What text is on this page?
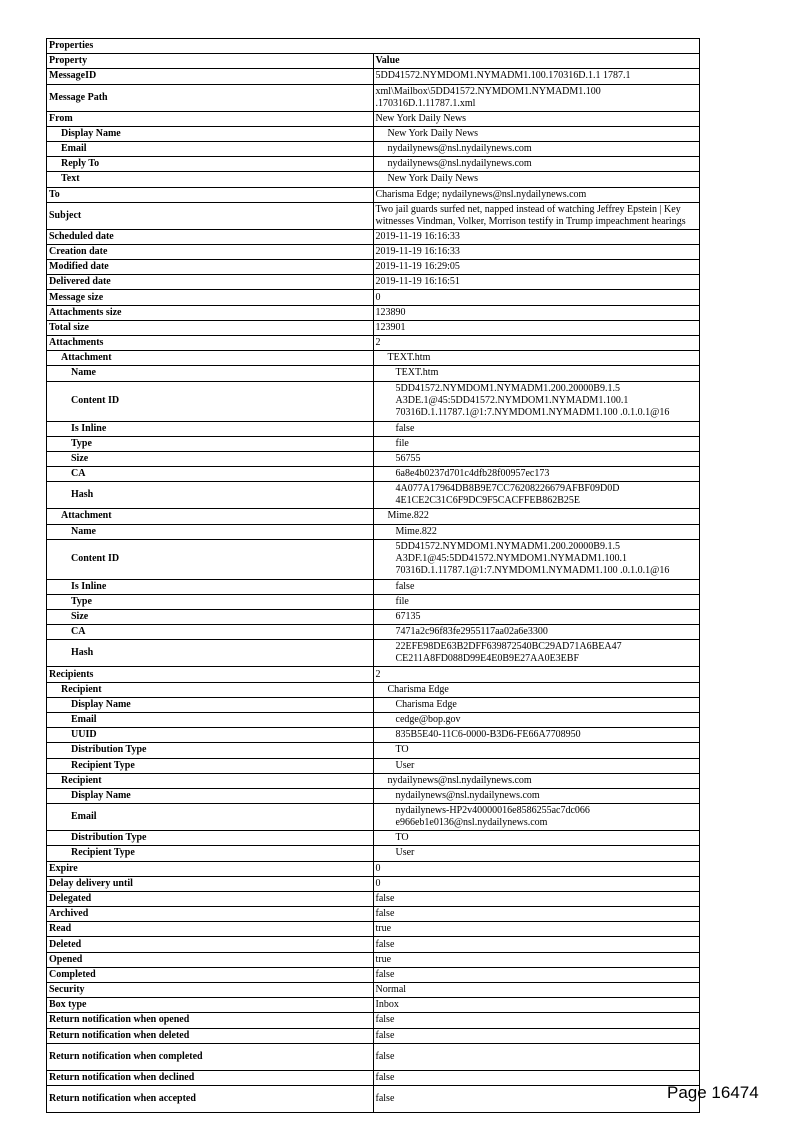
Properties	
Property	Value
MessageID	5DD41572.NYMDOM1.NYMADM1.100.170316D.1.1 1787.1
Message Path	xml\Mailbox\5DD41572.NYMDOM1.NYMADM1.100 .170316D.1.11787.1.xml
From	New York Daily News
Display Name	New York Daily News
Email	nydailynews@nsl.nydailynews.com
Reply To	nydailynews@nsl.nydailynews.com
Text	New York Daily News
To	Charisma Edge; nydailynews@nsl.nydailynews.com
Subject	Two jail guards surfed net, napped instead of watching Jeffrey Epstein | Key witnesses Vindman, Volker, Morrison testify in Trump impeachment hearings
Scheduled date	2019-11-19 16:16:33
Creation date	2019-11-19 16:16:33
Modified date	2019-11-19 16:29:05
Delivered date	2019-11-19 16:16:51
Message size	0
Attachments size	123890
Total size	123901
Attachments	2
Attachment	TEXT.htm
Name	TEXT.htm
Content ID	5DD41572.NYMDOM1.NYMADM1.200.20000B9.1.5 A3DE.1@45:5DD41572.NYMDOM1.NYMADM1.100.1 70316D.1.11787.1@1:7.NYMDOM1.NYMADM1.100 .0.1.0.1@16
Is Inline	false
Type	file
Size	56755
CA	6a8e4b0237d701c4dfb28f00957ec173
Hash	4A077A17964DB8B9E7CC76208226679AFBF09D0D 4E1CE2C31C6F9DC9F5CACFFEB862B25E
Attachment	Mime.822
Name	Mime.822
Content ID	5DD41572.NYMDOM1.NYMADM1.200.20000B9.1.5 A3DF.1@45:5DD41572.NYMDOM1.NYMADM1.100.1 70316D.1.11787.1@1:7.NYMDOM1.NYMADM1.100 .0.1.0.1@16
Is Inline	false
Type	file
Size	67135
CA	7471a2c96f83fe2955117aa02a6e3300
Hash	22EFE98DE63B2DFF639872540BC29AD71A6BEA47 CE211A8FD088D99E4E0B9E27AA0E3EBF
Recipients	2
Recipient	Charisma Edge
Display Name	Charisma Edge
Email	cedge@bop.gov
UUID	835B5E40-11C6-0000-B3D6-FE66A7708950
Distribution Type	TO
Recipient Type	User
Recipient	nydailynews@nsl.nydailynews.com
Display Name	nydailynews@nsl.nydailynews.com
Email	nydailynews-HP2v40000016e8586255ac7dc066 e966eb1e0136@nsl.nydailynews.com
Distribution Type	TO
Recipient Type	User
Expire	0
Delay delivery until	0
Delegated	false
Archived	false
Read	true
Deleted	false
Opened	true
Completed	false
Security	Normal
Box type	Inbox
Return notification when opened	false
Return notification when deleted	false
Return notification when completed	false
Return notification when declined	false
Return notification when accepted	false	Page 16474
